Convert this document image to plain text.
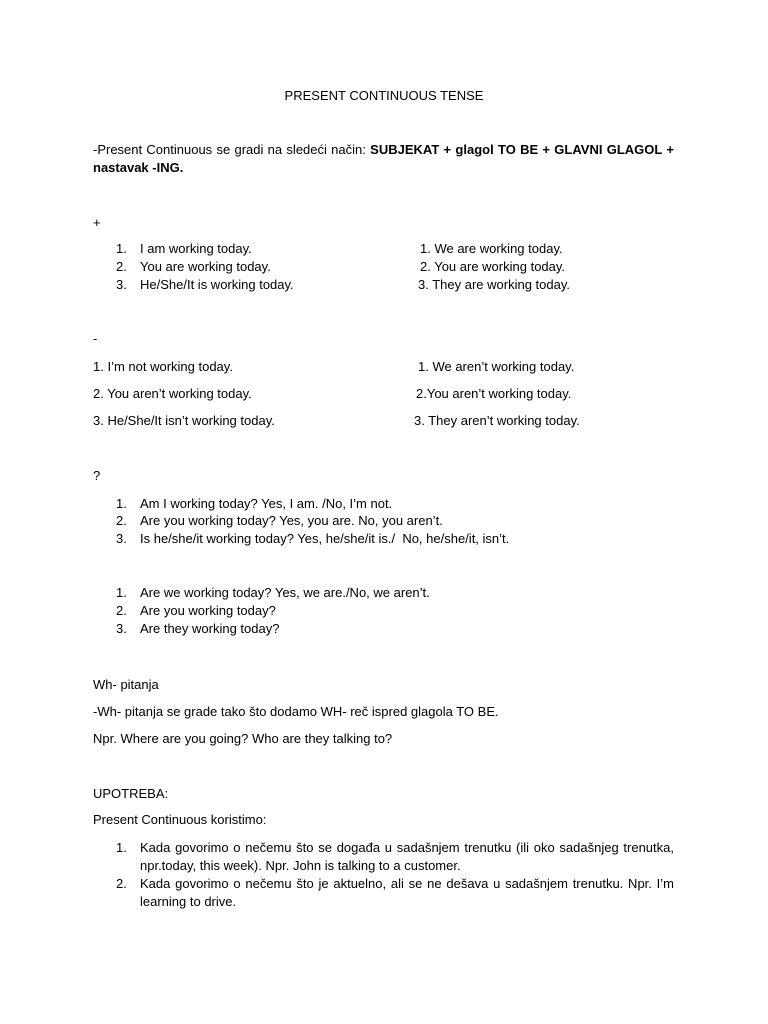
PRESENT CONTINUOUS TENSE
-Present Continuous se gradi na sledeći način: SUBJEKAT + glagol TO BE + GLAVNI GLAGOL +
nastavak -ING.
+
1. I am working today.
2. You are working today.
3. He/She/It is working today.
1. We are working today.
2. You are working today.
3. They are working today.
-
1. I’m not working today.
2. You aren’t working today.
3. He/She/It isn’t working today.
1. We aren’t working today.
2.You aren’t working today.
3. They aren’t working today.
?
1. Am I working today? Yes, I am. /No, I’m not.
2. Are you working today? Yes, you are. No, you aren’t.
3. Is he/she/it working today? Yes, he/she/it is./  No, he/she/it, isn’t.
1. Are we working today? Yes, we are./No, we aren’t.
2. Are you working today?
3. Are they working today?
Wh- pitanja
-Wh- pitanja se grade tako što dodamo WH- reč ispred glagola TO BE.
Npr. Where are you going? Who are they talking to?
UPOTREBA:
Present Continuous koristimo:
1. Kada govorimo o nečemu što se događa u sadašnjem trenutku (ili oko sadašnjeg trenutka,
npr.today, this week). Npr. John is talking to a customer.
2. Kada govorimo o nečemu što je aktuelno, ali se ne dešava u sadašnjem trenutku. Npr. I’m
learning to drive.
